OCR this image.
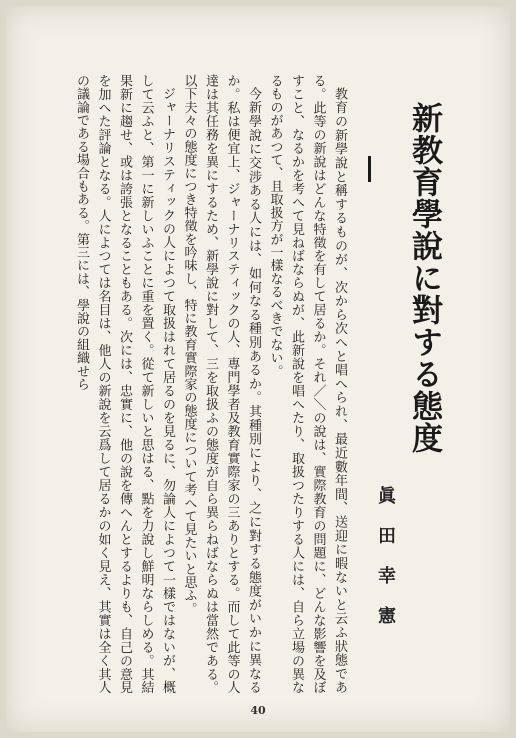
新教育學說に對する態度
眞田幸憲

教育の新學說と稱するものが、次から次へと唱へられ、最近數年間、送迎に暇ないと云ふ狀態である。此等の新說はどんな特徵を有して居るか。それ／＼の說は、實際教育の問題に、どんな影響を及ぼすこと、なるかを考へて見ねばならぬが、此新說を唱へたり、取扱つたりする人には、自ら立場の異なるものがあつて、且取扱方が一樣なるべきでない。

今新學說に交涉ある人には、如何なる種別あるか。其種別により、之に對する態度がいかに異なるか。私は便宜上、ジャーナリスティックの人、專門學者及教育實際家の三ありとする。而して此等の人達は其任務を異にするため、新學說に對して、三を取扱ふの態度が自ら異らねばならぬは當然である。以下夫々の態度につき特徵を吟味し、特に教育實際家の態度について考へて見たいと思ふ。

ジャーナリスティックの人によつて取扱はれて居るのを見るに、勿論人によつて一樣ではないが、概して云ふと、第一に新しいふことに重を置く。從て新しいと思はる、點を力說し鮮明ならしめる。其結果新に趨せ、或は誇張となることもある。次には、忠實に、他の說を傳へんとするよりも、自己の意見を加へた評論となる。人によつては名目は、他人の新說を云爲して居るかの如く見え、其實は全く其人の議論である場合もある。第三には、學說の組織せら

40
